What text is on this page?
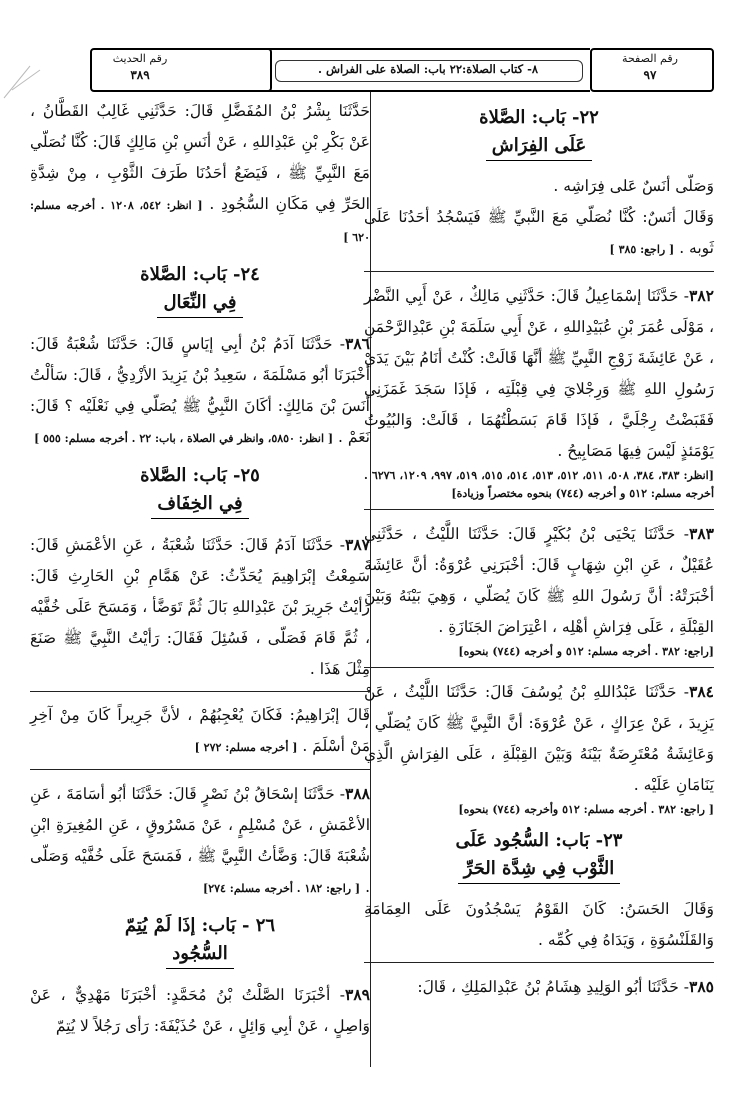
رقم الصفحة
٩٧
٨- كتاب الصلاة:٢٢ باب: الصلاة على الفراش .
رقم الحديث
٣٨٩
٢٢- بَاب: الصَّلاة
عَلَى الفِرَاش

وَصَلّى أنَسٌ عَلى فِرَاشِه .

وَقَالَ أنَسٌ: كُنَّا نُصَلّي مَعَ النَّبيِّ ﷺ فَيَسْجُدُ أحَدُنَا عَلَى ثَوبه . [ راجع: ٣٨٥ ]

٣٨٢- حَدَّثَنَا إسْمَاعِيلُ قَالَ: حَدَّثَنِي مَالِكٌ ، عَنْ أَبِي النَّضْر ، مَوْلَى عُمَرَ بْنِ عُبَيْدِاللهِ ، عَنْ أَبِي سَلَمَةَ بْنِ عَبْدِالرَّحْمَنِ ، عَنْ عَائِشَةَ زَوْجِ النَّبِيِّ ﷺ أنَّهَا قَالَتْ: كُنْتُ أنَامُ بَيْنَ يَدَيْ رَسُولِ اللهِ ﷺ وَرِجْلايَ فِي قِبْلَتِه ، فَإذَا سَجَدَ غَمَزَنِي فَقَبَضْتُ رِجْلَيَّ ، فَإذَا قَامَ بَسَطْتُهُمَا ، قَالَتْ: وَالبُيُوتُ يَوْمَئذٍ لَيْسَ فِيهَا مَصَابِيحُ .

[انظر: ٣٨٣، ٣٨٤، ٥٠٨، ٥١١، ٥١٢، ٥١٣، ٥١٤، ٥١٥، ٥١٩، ٩٩٧، ١٢٠٩، ٦٢٧٦ . أخرجه مسلم: ٥١٢ و أخرجه (٧٤٤) بنحوه مختصراً وزيادة]

٣٨٣- حَدَّثَنَا يَحْيَى بْنُ بُكَيْرٍ قَالَ: حَدَّثَنَا اللَّيْثُ ، حَدَّثَنِي عُقَيْلٌ ، عَنِ ابْنِ شِهَابٍ قَالَ: أخْبَرَنِي عُرْوَةُ: أنَّ عَائِشَةَ أخْبَرَتْهُ: أنَّ رَسُولَ اللهِ ﷺ كَانَ يُصَلّي ، وَهِيَ بَيْنَهُ وَبَيْنَ القِبْلَةِ ، عَلَى فِرَاشِ أهْلِه ، اعْتِرَاضَ الجَنَازَةِ .

[راجع: ٣٨٢ . أخرجه مسلم: ٥١٢ و أخرجه (٧٤٤) بنحوه]

٣٨٤- حَدَّثَنَا عَبْدُاللهِ بْنُ يُوسُفَ قَالَ: حَدَّثَنَا اللَّيْثُ ، عَنْ يَزِيدَ ، عَنْ عِرَاكٍ ، عَنْ عُرْوَةَ: أنَّ النَّبِيَّ ﷺ كَانَ يُصَلّي ، وَعَائِشَةُ مُعْتَرِضَةٌ بَيْنَهُ وَبَيْنَ القِبْلَةِ ، عَلَى الفِرَاشِ الَّذِي يَنَامَانِ عَلَيْه .

[ راجع: ٣٨٢ . أخرجه مسلم: ٥١٢ وأخرجه (٧٤٤) بنحوه]

٢٣- بَاب: السُّجُود عَلَى
الثَّوْب فِي شِدَّة الحَرِّ

وَقَالَ الحَسَنُ: كَانَ القَوْمُ يَسْجُدُونَ عَلَى العِمَامَةِ وَالقَلَنْسُوَةِ ، وَيَدَاهُ فِي كُمِّه .

٣٨٥- حَدَّثَنَا أبُو الوَلِيدِ هِشَامُ بْنُ عَبْدِالمَلِكِ ، قَالَ:

حَدَّثَنَا بِشْرُ بْنُ المُفَضَّلِ قَالَ: حَدَّثَنِي غَالِبٌ القَطَّانُ ، عَنْ بَكْرِ بْنِ عَبْدِاللهِ ، عَنْ أنَسِ بْنِ مَالِكٍ قَالَ: كُنَّا نُصَلّي مَعَ النَّبِيِّ ﷺ ، فَيَضَعُ أحَدُنَا طَرَفَ الثَّوْبِ ، مِنْ شِدَّةِ الحَرِّ فِي مَكَانِ السُّجُودِ . [ انظر: ٥٤٢، ١٢٠٨ . أخرجه مسلم: ٦٢٠ ]

٢٤- بَاب: الصَّلاة
فِي النِّعَال

٣٨٦- حَدَّثَنَا آدَمُ بْنُ أبِي إيَاسٍ قَالَ: حَدَّثَنَا شُعْبَةُ قَالَ: أخْبَرَنَا أبُو مَسْلَمَةَ ، سَعِيدُ بْنُ يَزِيدَ الأزْدِيُّ ، قَالَ: سَألْتُ أنَسَ بْنَ مَالِكٍ: أكَانَ النَّبِيُّ ﷺ يُصَلّي فِي نَعْلَيْه ؟ قَالَ: نَعَمْ . [ انظر: ٥٨٥٠، وانظر في الصلاة ، باب: ٢٢ . أخرجه مسلم: ٥٥٥ ]

٢٥- بَاب: الصَّلاة
فِي الخِفَاف

٣٨٧- حَدَّثَنَا آدَمُ قَالَ: حَدَّثَنَا شُعْبَةُ ، عَنِ الأعْمَشِ قَالَ: سَمِعْتُ إبْرَاهِيمَ يُحَدِّثُ: عَنْ هَمَّامِ بْنِ الحَارِثِ قَالَ: رَأيْتُ جَرِيرَ بْنَ عَبْدِاللهِ بَالَ ثُمَّ تَوَضَّأ ، وَمَسَحَ عَلَى خُفَّيْه ، ثُمَّ قَامَ فَصَلّى ، فَسُئِلَ فَقَالَ: رَأيْتُ النَّبِيَّ ﷺ صَنَعَ مِثْلَ هَذَا .

قَالَ إبْرَاهِيمُ: فَكَانَ يُعْجِبُهُمْ ، لأنَّ جَرِيراً كَانَ مِنْ آخِرِ مَنْ أسْلَمَ . [ أخرجه مسلم: ٢٧٢ ]

٣٨٨- حَدَّثَنَا إسْحَاقُ بْنُ نَصْرٍ قَالَ: حَدَّثَنَا أبُو أسَامَةَ ، عَنِ الأعْمَشِ ، عَنْ مُسْلِمٍ ، عَنْ مَسْرُوقٍ ، عَنِ المُغِيرَةِ ابْنِ شُعْبَةَ قَالَ: وَضَّأتُ النَّبِيَّ ﷺ ، فَمَسَحَ عَلَى خُفَّيْه وَصَلّى . [ راجع: ١٨٢ . أخرجه مسلم: ٢٧٤]

٢٦ - بَاب: إذَا لَمْ يُتِمّ
السُّجُود

٣٨٩- أخْبَرَنَا الصَّلْتُ بْنُ مُحَمَّدٍ: أخْبَرَنَا مَهْدِيٌّ ، عَنْ وَاصِلٍ ، عَنْ أبِي وَائِلٍ ، عَنْ حُذَيْفَةَ: رَأى رَجُلاً لا يُتِمّ
